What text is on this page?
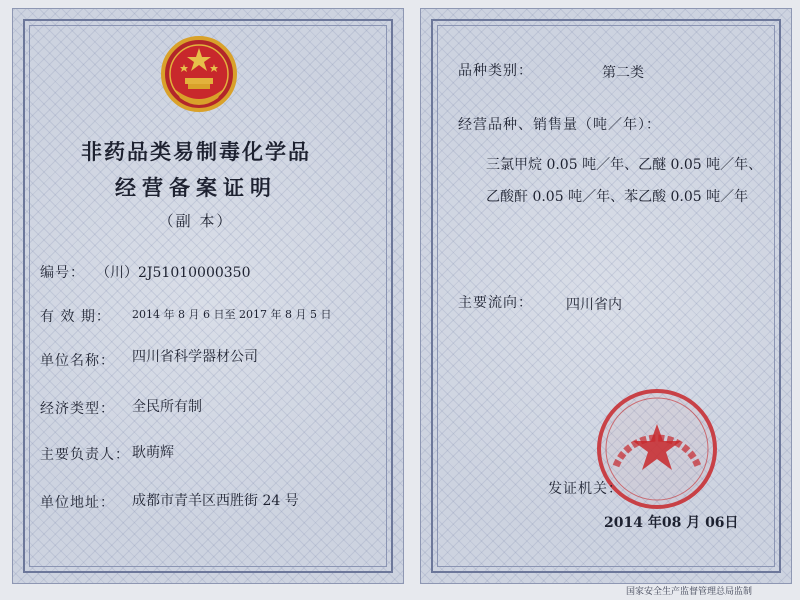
非药品类易制毒化学品
经营备案证明
（副 本）
编号： （川）2J51010000350
有 效 期： 2014 年 8 月 6 日至 2017 年 8 月 5 日
单位名称： 四川省科学器材公司
经济类型： 全民所有制
主要负责人： 耿萌辉
单位地址： 成都市青羊区西胜街 24 号
品种类别：	第二类
经营品种、销售量（吨／年）：
三氯甲烷 0.05 吨／年、乙醚 0.05 吨／年、
乙酸酐 0.05 吨／年、苯乙酸 0.05 吨／年
主要流向： 四川省内
发证机关：
2014 年08 月 06日
国家安全生产监督管理总局监制
